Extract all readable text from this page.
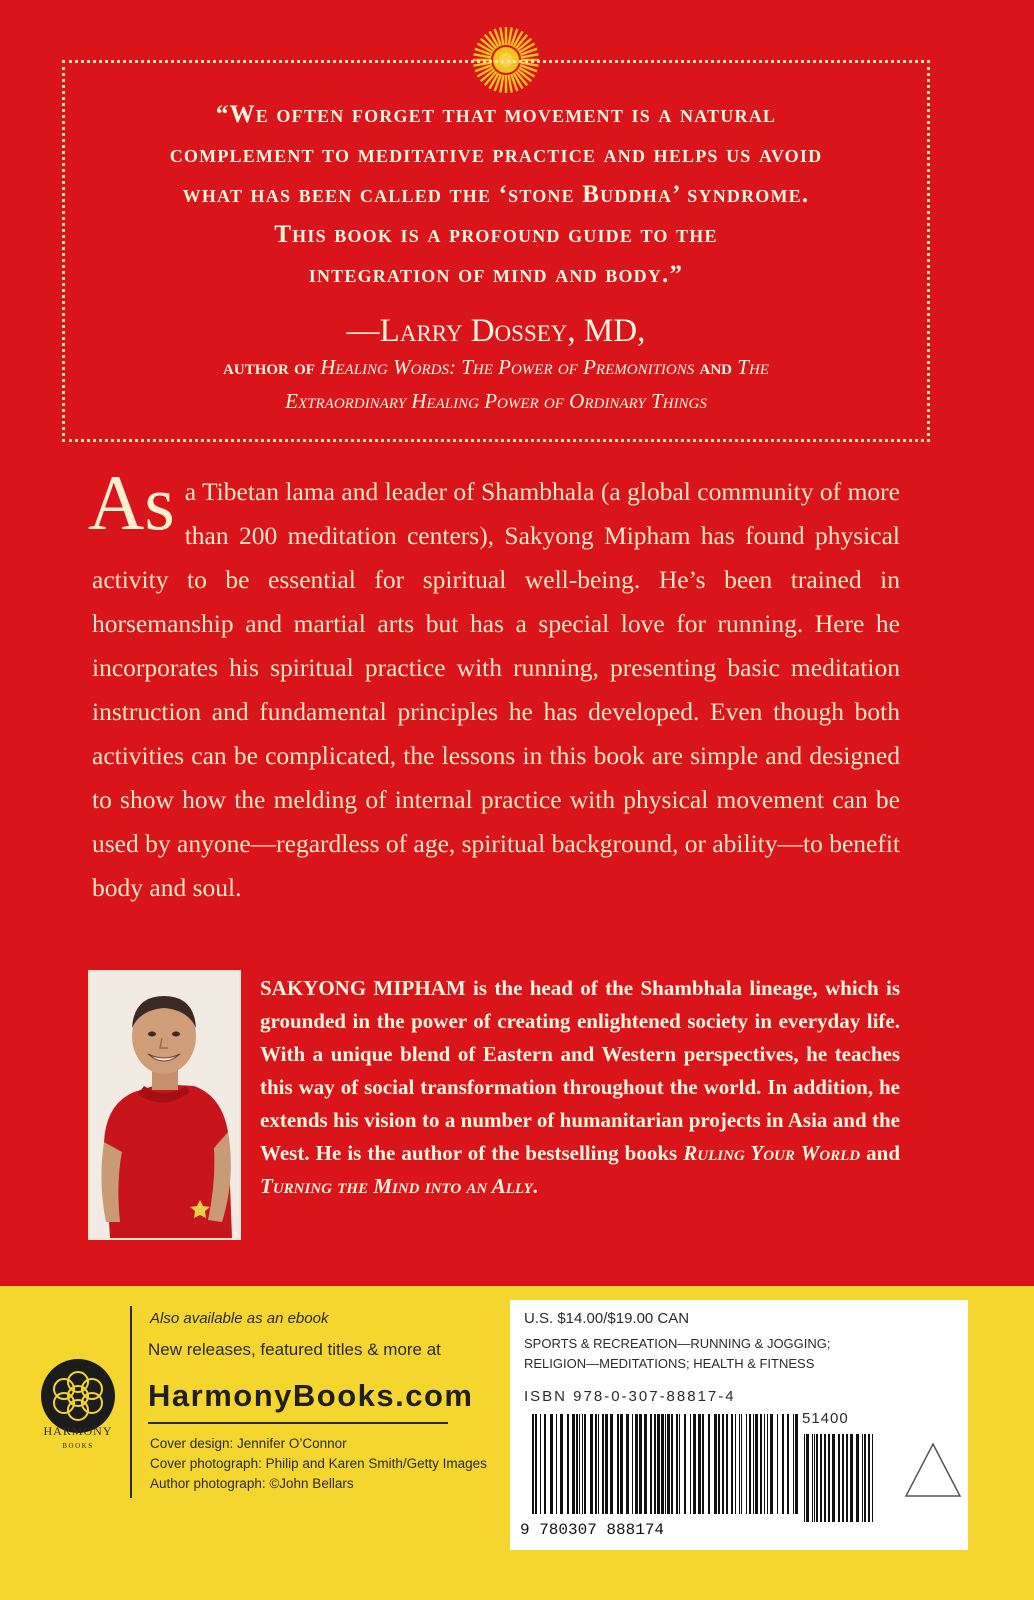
“We often forget that movement is a natural
complement to meditative practice and helps us avoid
what has been called the ‘stone Buddha’ syndrome.
This book is a profound guide to the
integration of mind and body.”
—Larry Dossey, MD,
author of Healing Words: The Power of Premonitions and The
Extraordinary Healing Power of Ordinary Things
As a Tibetan lama and leader of Shambhala (a global community of more than 200 meditation centers), Sakyong Mipham has found physical activity to be essential for spiritual well-being. He’s been trained in horsemanship and martial arts but has a special love for running. Here he incorporates his spiritual practice with running, presenting basic meditation instruction and fundamental principles he has developed. Even though both activities can be complicated, the lessons in this book are simple and designed to show how the melding of internal practice with physical movement can be used by anyone—regardless of age, spiritual background, or ability—to benefit body and soul.
SAKYONG MIPHAM is the head of the Shambhala lineage, which is grounded in the power of creating enlightened society in everyday life. With a unique blend of Eastern and Western perspectives, he teaches this way of social transformation throughout the world. In addition, he extends his vision to a number of humanitarian projects in Asia and the West. He is the author of the bestselling books Ruling Your World and Turning the Mind into an Ally.
HARMONY
BOOKS
Also available as an ebook
New releases, featured titles & more at
HarmonyBooks.com
Cover design: Jennifer O’Connor
Cover photograph: Philip and Karen Smith/Getty Images
Author photograph: ©John Bellars
U.S. $14.00/$19.00 CAN
SPORTS & RECREATION—RUNNING & JOGGING;
RELIGION—MEDITATIONS; HEALTH & FITNESS
ISBN 978-0-307-88817-4
9 780307 888174
51400
